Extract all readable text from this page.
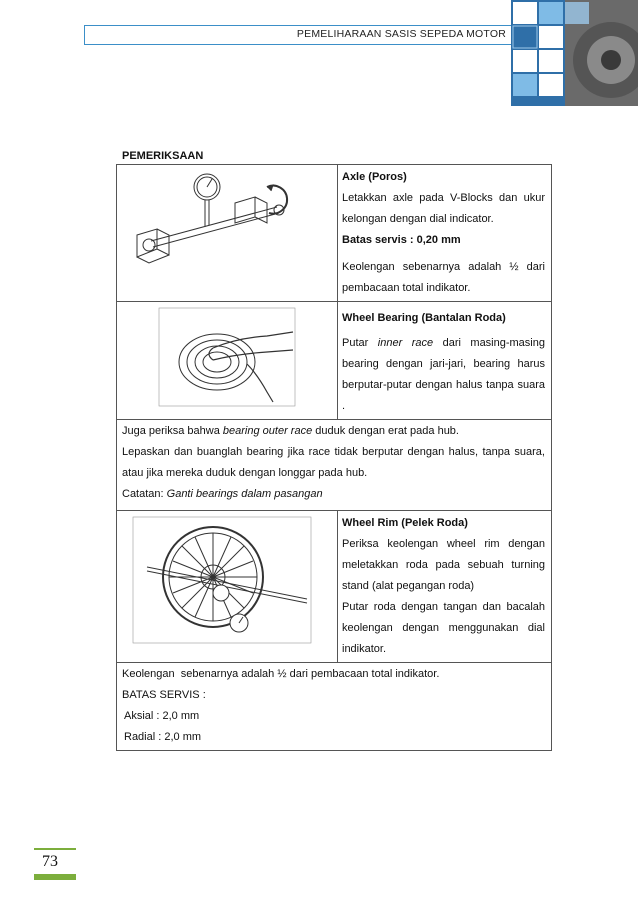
PEMELIHARAAN SASIS SEPEDA MOTOR
PEMERIKSAAN

Axle (Poros)
Letakkan axle pada V-Blocks dan ukur kelongan dengan dial indicator.
Batas servis : 0,20 mm
Keolengan sebenarnya adalah ½ dari pembacaan total indikator.

Wheel Bearing (Bantalan Roda)
Putar inner race dari masing-masing bearing dengan jari-jari, bearing harus berputar-putar dengan halus tanpa suara .

Juga periksa bahwa bearing outer race duduk dengan erat pada hub.
Lepaskan dan buanglah bearing jika race tidak berputar dengan halus, tanpa suara, atau jika mereka duduk dengan longgar pada hub.
Catatan: Ganti bearings dalam pasangan	

Wheel Rim (Pelek Roda)
Periksa keolengan wheel rim dengan meletakkan roda pada sebuah turning stand (alat pegangan roda)
Putar roda dengan tangan dan bacalah keolengan dengan menggunakan dial indikator.

Keolengan  sebenarnya adalah ½ dari pembacaan total indikator.
BATAS SERVIS :
Aksial : 2,0 mm
Radial : 2,0 mm	
73
